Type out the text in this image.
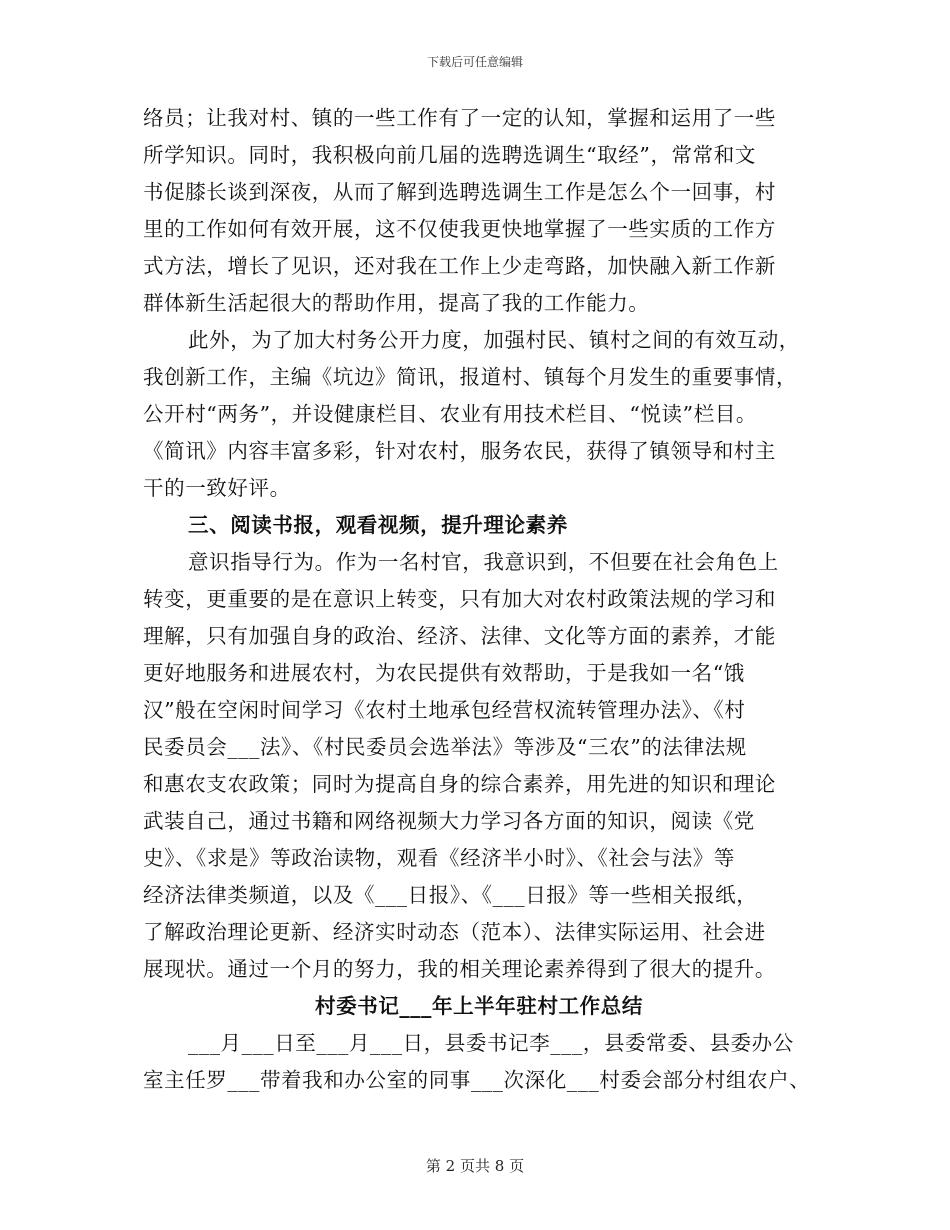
下载后可任意编辑
络员；让我对村、镇的一些工作有了一定的认知，掌握和运用了一些
所学知识。同时，我积极向前几届的选聘选调生“取经”，常常和文
书促膝长谈到深夜，从而了解到选聘选调生工作是怎么个一回事，村
里的工作如何有效开展，这不仅使我更快地掌握了一些实质的工作方
式方法，增长了见识，还对我在工作上少走弯路，加快融入新工作新
群体新生活起很大的帮助作用，提高了我的工作能力。
此外，为了加大村务公开力度，加强村民、镇村之间的有效互动，
我创新工作，主编《坑边》简讯，报道村、镇每个月发生的重要事情，
公开村“两务”，并设健康栏目、农业有用技术栏目、“悦读”栏目。
《简讯》内容丰富多彩，针对农村，服务农民，获得了镇领导和村主
干的一致好评。
三、阅读书报，观看视频，提升理论素养
意识指导行为。作为一名村官，我意识到，不但要在社会角色上
转变，更重要的是在意识上转变，只有加大对农村政策法规的学习和
理解，只有加强自身的政治、经济、法律、文化等方面的素养，才能
更好地服务和进展农村，为农民提供有效帮助，于是我如一名“饿
汉”般在空闲时间学习《农村土地承包经营权流转管理办法》、《村
民委员会___法》、《村民委员会选举法》等涉及“三农”的法律法规
和惠农支农政策；同时为提高自身的综合素养，用先进的知识和理论
武装自己，通过书籍和网络视频大力学习各方面的知识，阅读《党
史》、《求是》等政治读物，观看《经济半小时》、《社会与法》等
经济法律类频道，以及《___日报》、《___日报》等一些相关报纸，
了解政治理论更新、经济实时动态（范本）、法律实际运用、社会进
展现状。通过一个月的努力，我的相关理论素养得到了很大的提升。
村委书记___年上半年驻村工作总结
___月___日至___月___日，县委书记李___，县委常委、县委办公
室主任罗___带着我和办公室的同事___次深化___村委会部分村组农户、
第 2 页共 8 页
